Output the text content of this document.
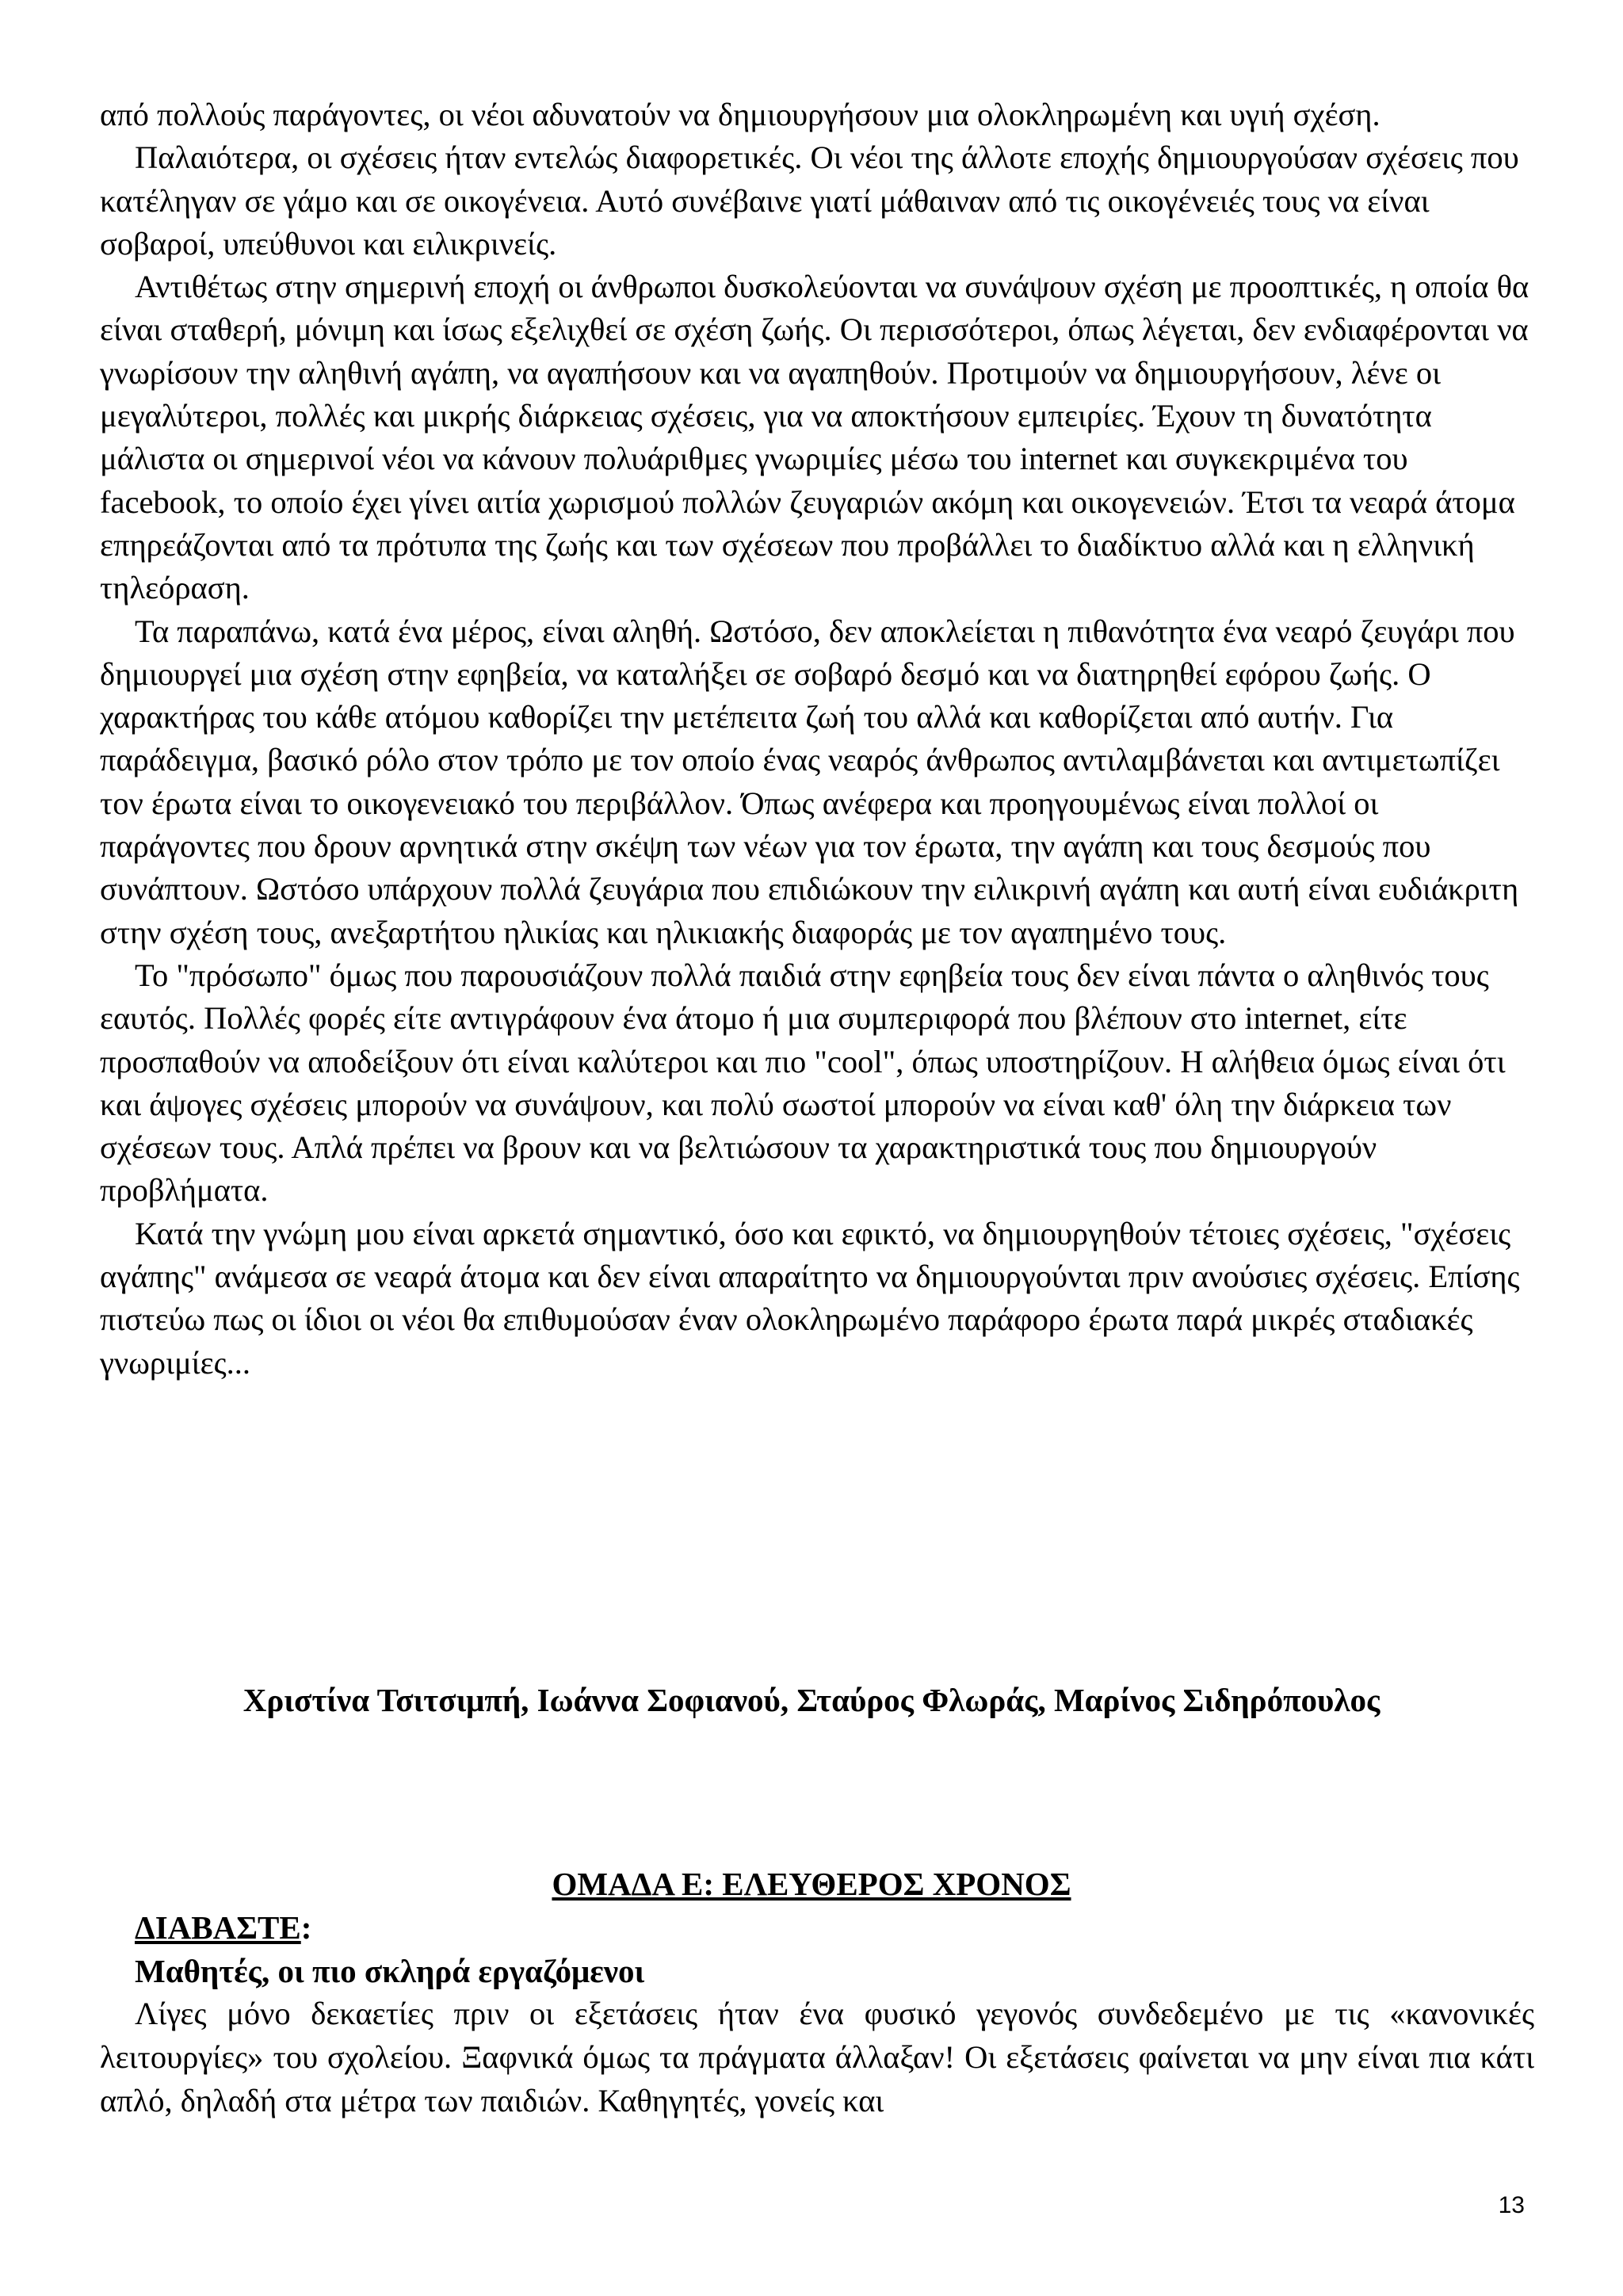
από πολλούς παράγοντες, οι νέοι αδυνατούν να δημιουργήσουν μια ολοκληρωμένη και υγιή σχέση.

Παλαιότερα, οι σχέσεις ήταν εντελώς διαφορετικές. Οι νέοι της άλλοτε εποχής δημιουργούσαν σχέσεις που κατέληγαν σε γάμο και σε οικογένεια. Αυτό συνέβαινε γιατί μάθαιναν από τις οικογένειές τους να είναι σοβαροί, υπεύθυνοι και ειλικρινείς.

Αντιθέτως στην σημερινή εποχή οι άνθρωποι δυσκολεύονται να συνάψουν σχέση με προοπτικές, η οποία θα είναι σταθερή, μόνιμη και ίσως εξελιχθεί σε σχέση ζωής. Οι περισσότεροι, όπως λέγεται, δεν ενδιαφέρονται να γνωρίσουν την αληθινή αγάπη, να αγαπήσουν και να αγαπηθούν. Προτιμούν να δημιουργήσουν, λένε οι μεγαλύτεροι, πολλές και μικρής διάρκειας σχέσεις, για να αποκτήσουν εμπειρίες. Έχουν τη δυνατότητα μάλιστα οι σημερινοί νέοι να κάνουν πολυάριθμες γνωριμίες μέσω του internet και συγκεκριμένα του facebook, το οποίο έχει γίνει αιτία χωρισμού πολλών ζευγαριών ακόμη και οικογενειών. Έτσι τα νεαρά άτομα επηρεάζονται από τα πρότυπα της ζωής και των σχέσεων που προβάλλει το διαδίκτυο αλλά και η ελληνική τηλεόραση.

Τα παραπάνω, κατά ένα μέρος, είναι αληθή. Ωστόσο, δεν αποκλείεται η πιθανότητα ένα νεαρό ζευγάρι που δημιουργεί μια σχέση στην εφηβεία, να καταλήξει σε σοβαρό δεσμό και να διατηρηθεί εφόρου ζωής. Ο χαρακτήρας του κάθε ατόμου καθορίζει την μετέπειτα ζωή του αλλά και καθορίζεται από αυτήν. Για παράδειγμα, βασικό ρόλο στον τρόπο με τον οποίο ένας νεαρός άνθρωπος αντιλαμβάνεται και αντιμετωπίζει τον έρωτα είναι το οικογενειακό του περιβάλλον. Όπως ανέφερα και προηγουμένως είναι πολλοί οι παράγοντες που δρουν αρνητικά στην σκέψη των νέων για τον έρωτα, την αγάπη και τους δεσμούς που συνάπτουν. Ωστόσο υπάρχουν πολλά ζευγάρια που επιδιώκουν την ειλικρινή αγάπη και αυτή είναι ευδιάκριτη στην σχέση τους, ανεξαρτήτου ηλικίας και ηλικιακής διαφοράς με τον αγαπημένο τους.

Το "πρόσωπο" όμως που παρουσιάζουν πολλά παιδιά στην εφηβεία τους δεν είναι πάντα ο αληθινός τους εαυτός. Πολλές φορές είτε αντιγράφουν ένα άτομο ή μια συμπεριφορά που βλέπουν στο internet, είτε προσπαθούν να αποδείξουν ότι είναι καλύτεροι και πιο "cool", όπως υποστηρίζουν. Η αλήθεια όμως είναι ότι και άψογες σχέσεις μπορούν να συνάψουν, και πολύ σωστοί μπορούν να είναι καθ' όλη την διάρκεια των σχέσεων τους. Απλά πρέπει να βρουν και να βελτιώσουν τα χαρακτηριστικά τους που δημιουργούν προβλήματα.

Κατά την γνώμη μου είναι αρκετά σημαντικό, όσο και εφικτό, να δημιουργηθούν τέτοιες σχέσεις, "σχέσεις αγάπης" ανάμεσα σε νεαρά άτομα και δεν είναι απαραίτητο να δημιουργούνται πριν ανούσιες σχέσεις. Επίσης πιστεύω πως οι ίδιοι οι νέοι θα επιθυμούσαν έναν ολοκληρωμένο παράφορο έρωτα παρά μικρές σταδιακές γνωριμίες...

Χριστίνα Τσιτσιμπή, Ιωάννα Σοφιανού, Σταύρος Φλωράς, Μαρίνος Σιδηρόπουλος

ΟΜΑΔΑ Ε: ΕΛΕΥΘΕΡΟΣ ΧΡΟΝΟΣ

ΔΙΑΒΑΣΤΕ:

Μαθητές, οι πιο σκληρά εργαζόμενοι

Λίγες μόνο δεκαετίες πριν οι εξετάσεις ήταν ένα φυσικό γεγονός συνδεδεμένο με τις «κανονικές λειτουργίες» του σχολείου. Ξαφνικά όμως τα πράγματα άλλαξαν! Οι εξετάσεις φαίνεται να μην είναι πια κάτι απλό, δηλαδή στα μέτρα των παιδιών. Καθηγητές, γονείς και

13
